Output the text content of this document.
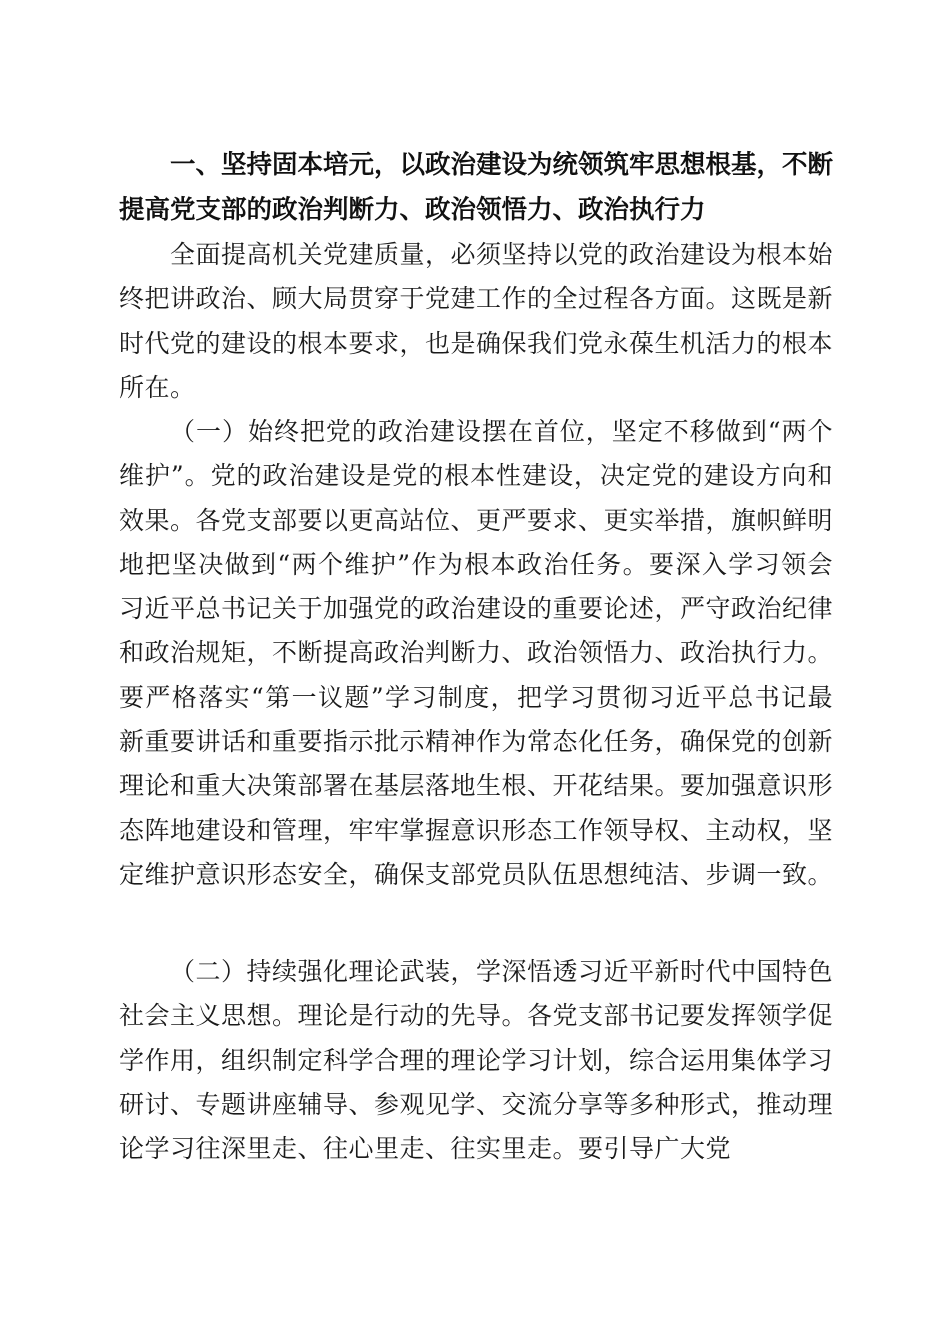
一、坚持固本培元，以政治建设为统领筑牢思想根基，不断提高党支部的政治判断力、政治领悟力、政治执行力

全面提高机关党建质量，必须坚持以党的政治建设为根本始终把讲政治、顾大局贯穿于党建工作的全过程各方面。这既是新时代党的建设的根本要求，也是确保我们党永葆生机活力的根本所在。

（一）始终把党的政治建设摆在首位，坚定不移做到“两个维护”。党的政治建设是党的根本性建设，决定党的建设方向和效果。各党支部要以更高站位、更严要求、更实举措，旗帜鲜明地把坚决做到“两个维护”作为根本政治任务。要深入学习领会习近平总书记关于加强党的政治建设的重要论述，严守政治纪律和政治规矩，不断提高政治判断力、政治领悟力、政治执行力。要严格落实“第一议题”学习制度，把学习贯彻习近平总书记最新重要讲话和重要指示批示精神作为常态化任务，确保党的创新理论和重大决策部署在基层落地生根、开花结果。要加强意识形态阵地建设和管理，牢牢掌握意识形态工作领导权、主动权，坚定维护意识形态安全，确保支部党员队伍思想纯洁、步调一致。

（二）持续强化理论武装，学深悟透习近平新时代中国特色社会主义思想。理论是行动的先导。各党支部书记要发挥领学促学作用，组织制定科学合理的理论学习计划，综合运用集体学习研讨、专题讲座辅导、参观见学、交流分享等多种形式，推动理论学习往深里走、往心里走、往实里走。要引导广大党
